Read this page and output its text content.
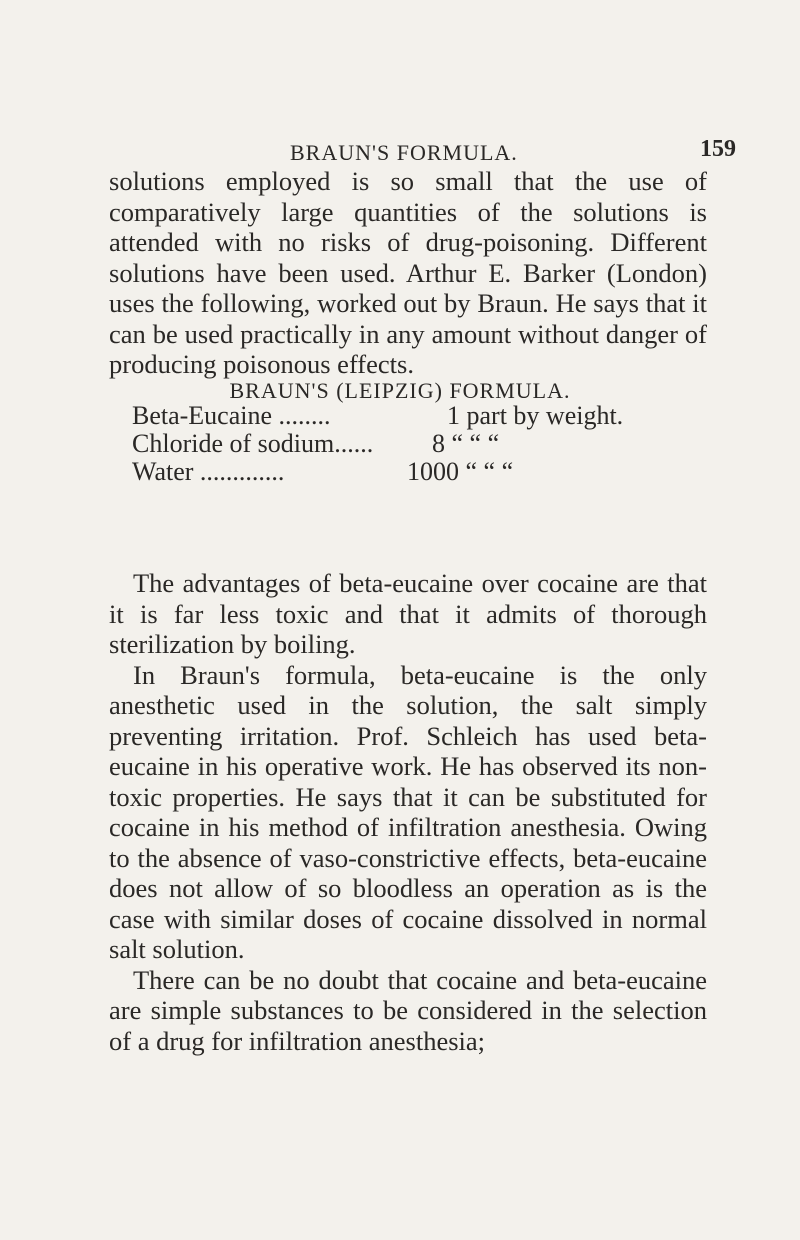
BRAUN'S FORMULA.	159

solutions employed is so small that the use of comparatively large quantities of the solutions is attended with no risks of drug-poisoning. Different solutions have been used. Arthur E. Barker (London) uses the following, worked out by Braun. He says that it can be used practically in any amount without danger of producing poisonous effects.

BRAUN'S (LEIPZIG) FORMULA.
Beta-Eucaine ........	1 part by weight.
Chloride of sodium...... 8 “ “ “
Water .............	1000 “ “ “

The advantages of beta-eucaine over cocaine are that it is far less toxic and that it admits of thorough sterilization by boiling.

In Braun's formula, beta-eucaine is the only anesthetic used in the solution, the salt simply preventing irritation. Prof. Schleich has used beta-eucaine in his operative work. He has observed its non-toxic properties. He says that it can be substituted for cocaine in his method of infiltration anesthesia. Owing to the absence of vaso-constrictive effects, beta-eucaine does not allow of so bloodless an operation as is the case with similar doses of cocaine dissolved in normal salt solution.

There can be no doubt that cocaine and beta-eucaine are simple substances to be considered in the selection of a drug for infiltration anesthesia;
